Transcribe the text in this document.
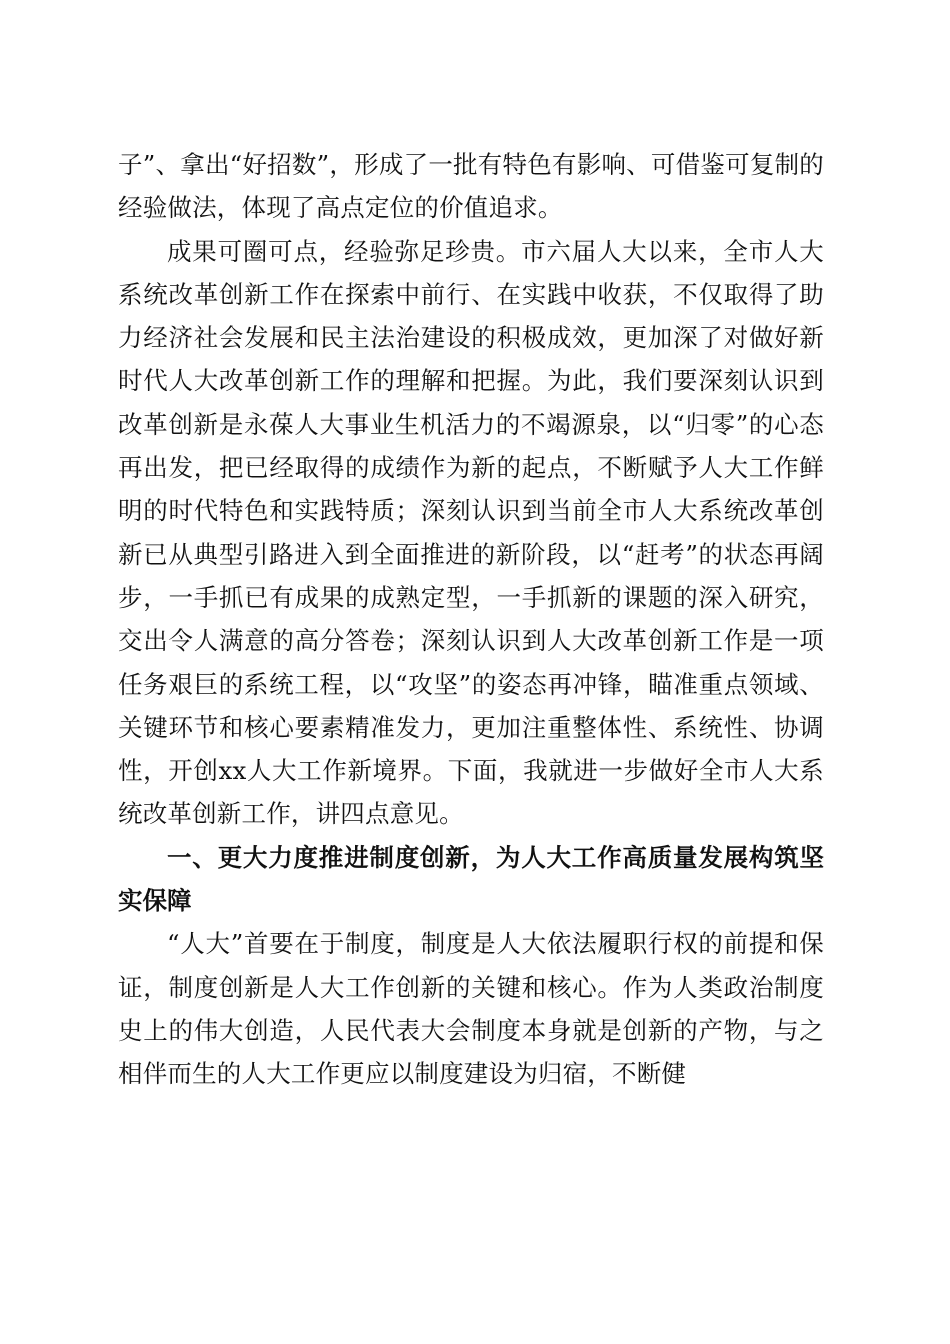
子”、拿出“好招数”，形成了一批有特色有影响、可借鉴可复制的经验做法，体现了高点定位的价值追求。

成果可圈可点，经验弥足珍贵。市六届人大以来，全市人大系统改革创新工作在探索中前行、在实践中收获，不仅取得了助力经济社会发展和民主法治建设的积极成效，更加深了对做好新时代人大改革创新工作的理解和把握。为此，我们要深刻认识到改革创新是永葆人大事业生机活力的不竭源泉，以“归零”的心态再出发，把已经取得的成绩作为新的起点，不断赋予人大工作鲜明的时代特色和实践特质；深刻认识到当前全市人大系统改革创新已从典型引路进入到全面推进的新阶段，以“赶考”的状态再阔步，一手抓已有成果的成熟定型，一手抓新的课题的深入研究，交出令人满意的高分答卷；深刻认识到人大改革创新工作是一项任务艰巨的系统工程，以“攻坚”的姿态再冲锋，瞄准重点领域、关键环节和核心要素精准发力，更加注重整体性、系统性、协调性，开创xx人大工作新境界。下面，我就进一步做好全市人大系统改革创新工作，讲四点意见。

一、更大力度推进制度创新，为人大工作高质量发展构筑坚实保障

“人大”首要在于制度，制度是人大依法履职行权的前提和保证，制度创新是人大工作创新的关键和核心。作为人类政治制度史上的伟大创造，人民代表大会制度本身就是创新的产物，与之相伴而生的人大工作更应以制度建设为归宿，不断健
